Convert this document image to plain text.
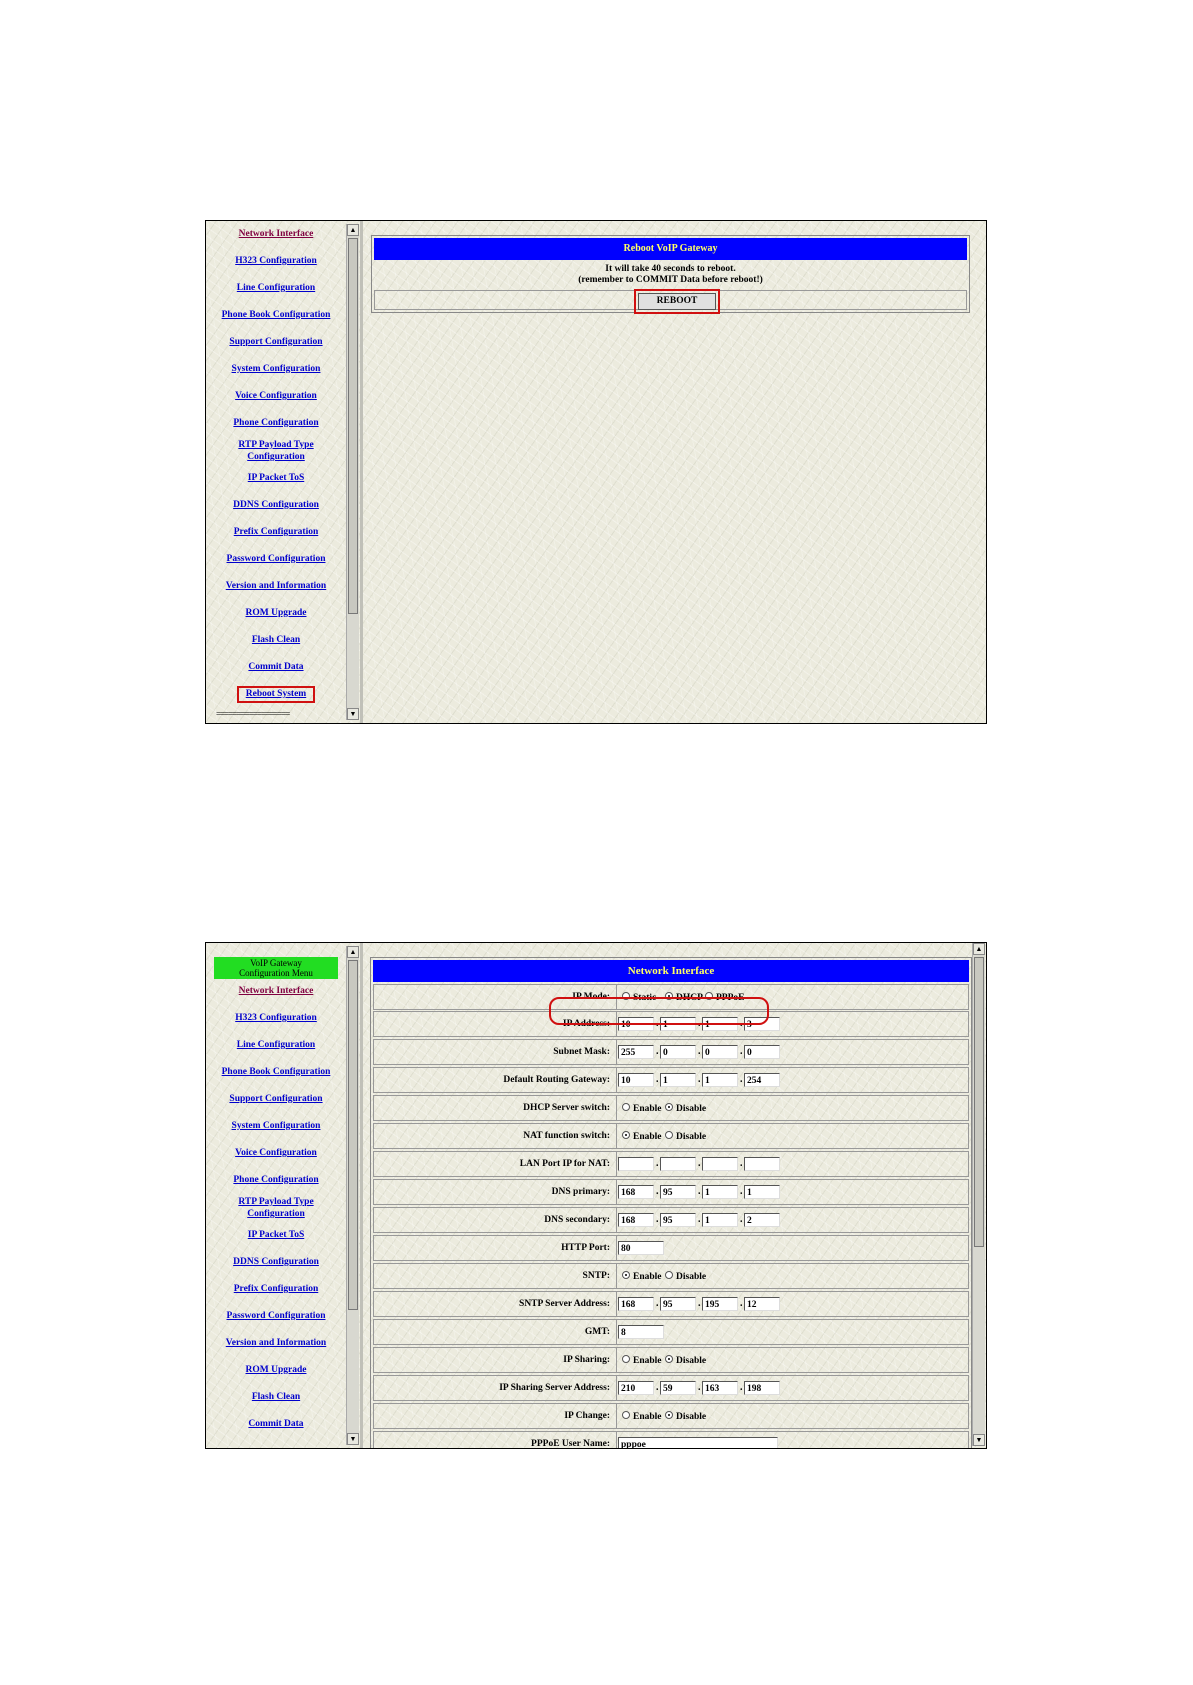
Network Interface
H323 Configuration
Line Configuration
Phone Book Configuration
Support Configuration
System Configuration
Voice Configuration
Phone Configuration
RTP Payload Type
Configuration
IP Packet ToS
DDNS Configuration
Prefix Configuration
Password Configuration
Version and Information
ROM Upgrade
Flash Clean
Commit Data
Reboot System
==================
▲
▼
Reboot VoIP Gateway
It will take 40 seconds to reboot.
(remember to COMMIT Data before reboot!)
REBOOT
VoIP Gateway
Configuration Menu
Network Interface
H323 Configuration
Line Configuration
Phone Book Configuration
Support Configuration
System Configuration
Voice Configuration
Phone Configuration
RTP Payload Type
Configuration
IP Packet ToS
DDNS Configuration
Prefix Configuration
Password Configuration
Version and Information
ROM Upgrade
Flash Clean
Commit Data
▲
▼
▲
▼
Network Interface
IP Mode:	Static DHCP PPPoE
IP Address:	10	. 1	. 1	. 3
Subnet Mask:	255	. 0	. 0	. 0
Default Routing Gateway:	10	. 1	. 1	. 254
DHCP Server switch:	Enable Disable
NAT function switch:	Enable Disable
LAN Port IP for NAT:	.	.	.
DNS primary:	168	. 95	. 1	. 1
DNS secondary:	168	. 95	. 1	. 2
HTTP Port:	80
SNTP:	Enable Disable
SNTP Server Address:	168	. 95	. 195	. 12
GMT:	8
IP Sharing:	Enable Disable
IP Sharing Server Address:	210	. 59	. 163	. 198
IP Change:	Enable Disable
PPPoE User Name:	pppoe
